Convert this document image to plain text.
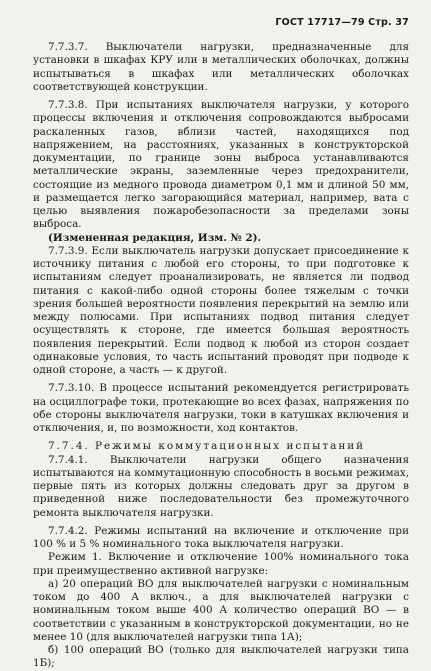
ГОСТ 17717—79 Стр. 37

7.7.3.7. Выключатели нагрузки, предназначенные для установки в шкафах КРУ или в металлических оболочках, должны испытываться в шкафах или металлических оболочках соответствующей конструкции.

7.7.3.8. При испытаниях выключателя нагрузки, у которого процессы включения и отключения сопровождаются выбросами раскаленных газов, вблизи частей, находящихся под напряжением, на расстояниях, указанных в конструкторской документации, по границе зоны выброса устанавливаются металлические экраны, заземленные через предохранители, состоящие из медного провода диаметром 0,1 мм и длиной 50 мм, и размещается легко загорающийся материал, например, вата с целью выявления пожаробезопасности за пределами зоны выброса.

(Измененная редакция, Изм. № 2).

7.7.3.9. Если выключатель нагрузки допускает присоединение к источнику питания с любой его стороны, то при подготовке к испытаниям следует проанализировать, не является ли подвод питания с какой-либо одной стороны более тяжелым с точки зрения большей вероятности появления перекрытий на землю или между полюсами. При испытаниях подвод питания следует осуществлять к стороне, где имеется большая вероятность появления перекрытий. Если подвод к любой из сторон создает одинаковые условия, то часть испытаний проводят при подводе к одной стороне, а часть — к другой.

7.7.3.10. В процессе испытаний рекомендуется регистрировать на осциллографе токи, протекающие во всех фазах, напряжения по обе стороны выключателя нагрузки, токи в катушках включения и отключения, и, по возможности, ход контактов.

7.7.4. Режимы коммутационных испытаний

7.7.4.1. Выключатели нагрузки общего назначения испытываются на коммутационную способность в восьми режимах, первые пять из которых должны следовать друг за другом в приведенной ниже последовательности без промежуточного ремонта выключателя нагрузки.

7.7.4.2. Режимы испытаний на включение и отключение при 100 % и 5 % номинального тока выключателя нагрузки.

Режим 1. Включение и отключение 100% номинального тока при преимущественно активной нагрузке:

а) 20 операций ВО для выключателей нагрузки с номинальным током до 400 А включ., а для выключателей нагрузки с номинальным током выше 400 А количество операций ВО — в соответствии с указанным в конструкторской документации, но не менее 10 (для выключателей нагрузки типа 1А);

б) 100 операций ВО (только для выключателей нагрузки типа 1Б);
